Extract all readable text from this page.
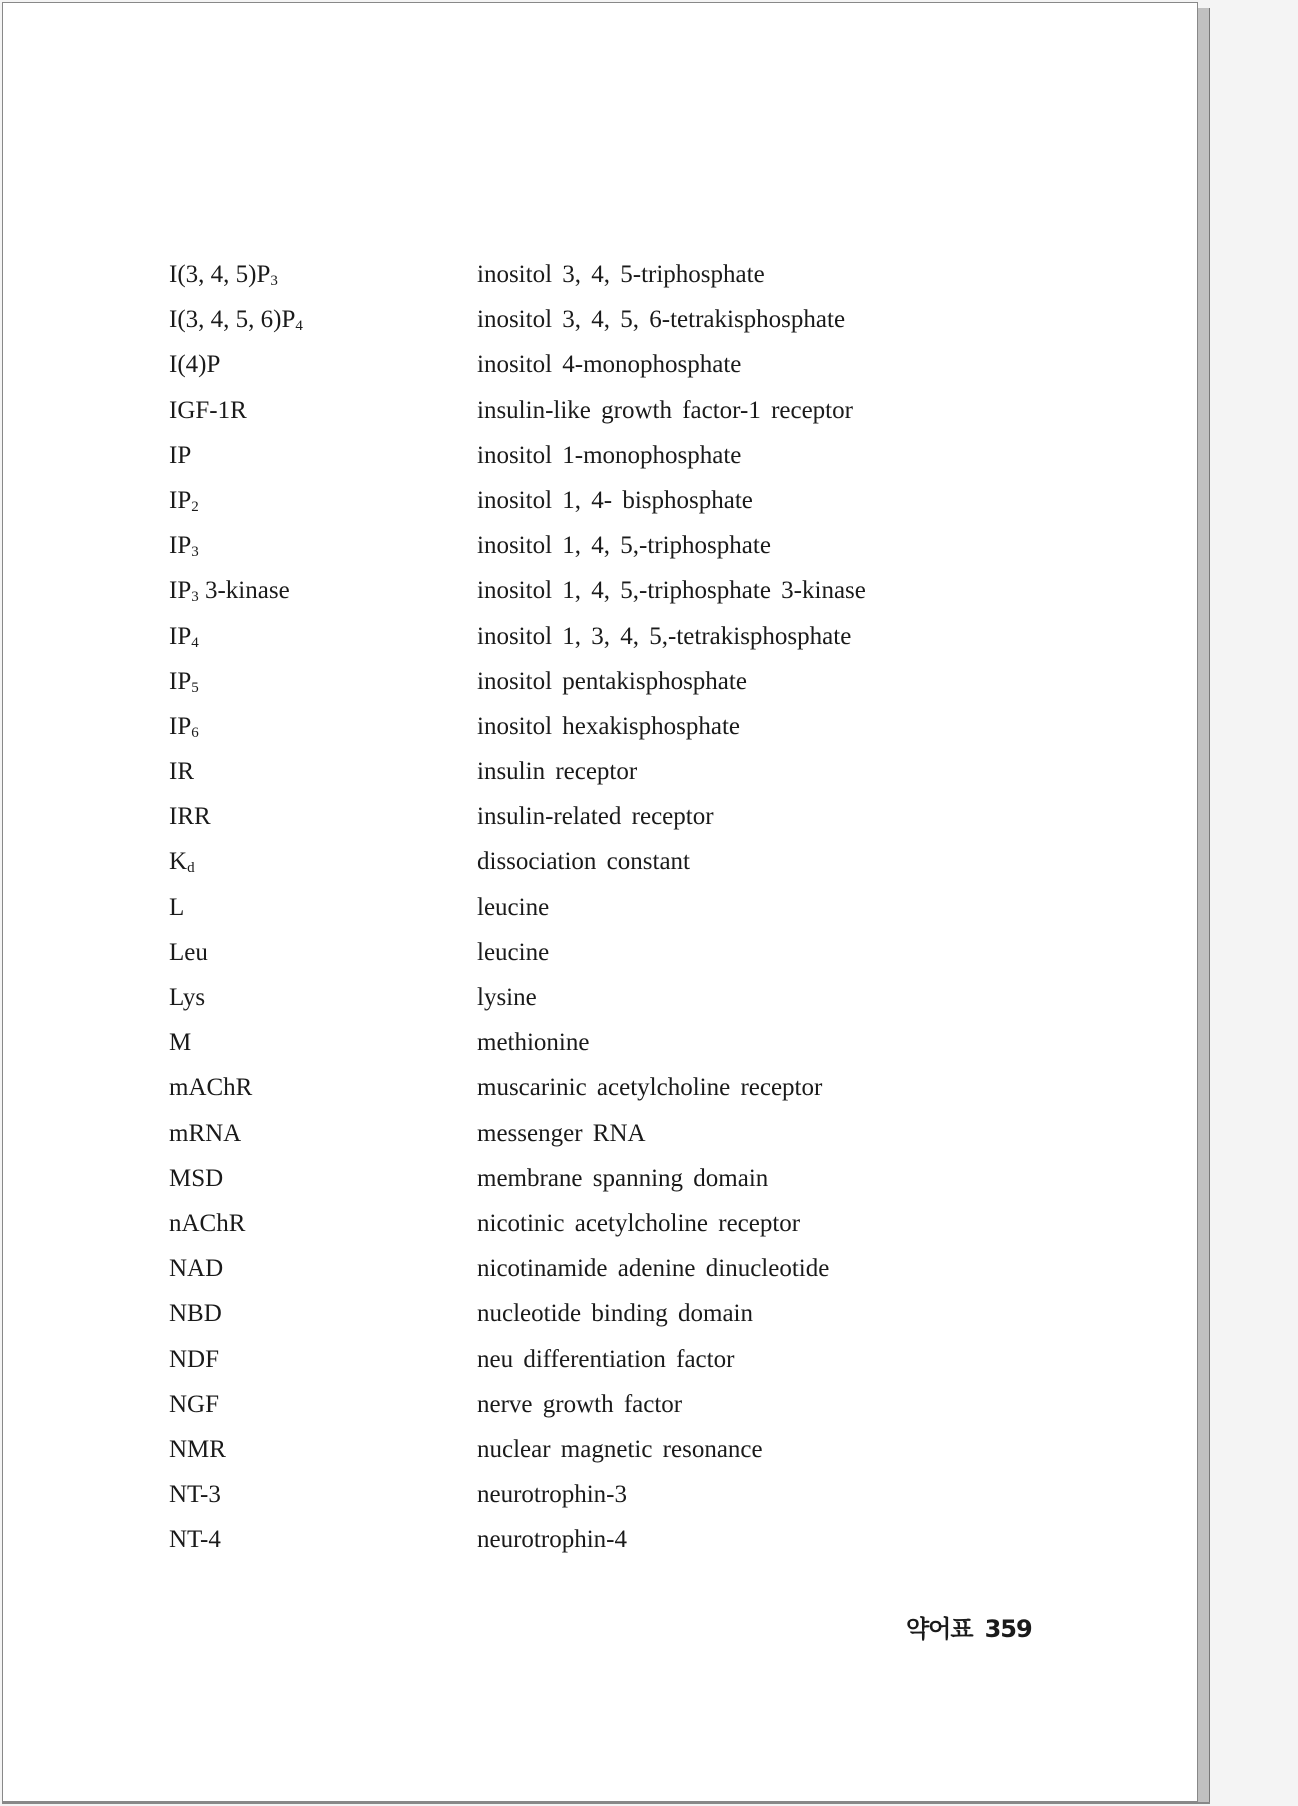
I(3, 4, $5)P_3$	inositol 3, 4, 5-triphosphate
I(3, 4, 5, $6)P_4$	inositol 3, 4, 5, 6-tetrakisphosphate
I(4)P	inositol 4-monophosphate
IGF-1R	insulin-like growth factor-1 receptor
IP	inositol 1-monophosphate
$IP_2$	inositol 1, 4- bisphosphate
$IP_3$	inositol 1, 4, 5,-triphosphate
$IP_3$ 3-kinase	inositol 1, 4, 5,-triphosphate 3-kinase
$IP_4$	inositol 1, 3, 4, 5,-tetrakisphosphate
$IP_5$	inositol pentakisphosphate
$IP_6$	inositol hexakisphosphate
IR	insulin receptor
IRR	insulin-related receptor
$K_d$	dissociation constant
L	leucine
Leu	leucine
Lys	lysine
M	methionine
mAChR	muscarinic acetylcholine receptor
mRNA	messenger RNA
MSD	membrane spanning domain
nAChR	nicotinic acetylcholine receptor
NAD	nicotinamide adenine dinucleotide
NBD	nucleotide binding domain
NDF	neu differentiation factor
NGF	nerve growth factor
NMR	nuclear magnetic resonance
NT-3	neurotrophin-3
NT-4	neurotrophin-4
약어표 359
